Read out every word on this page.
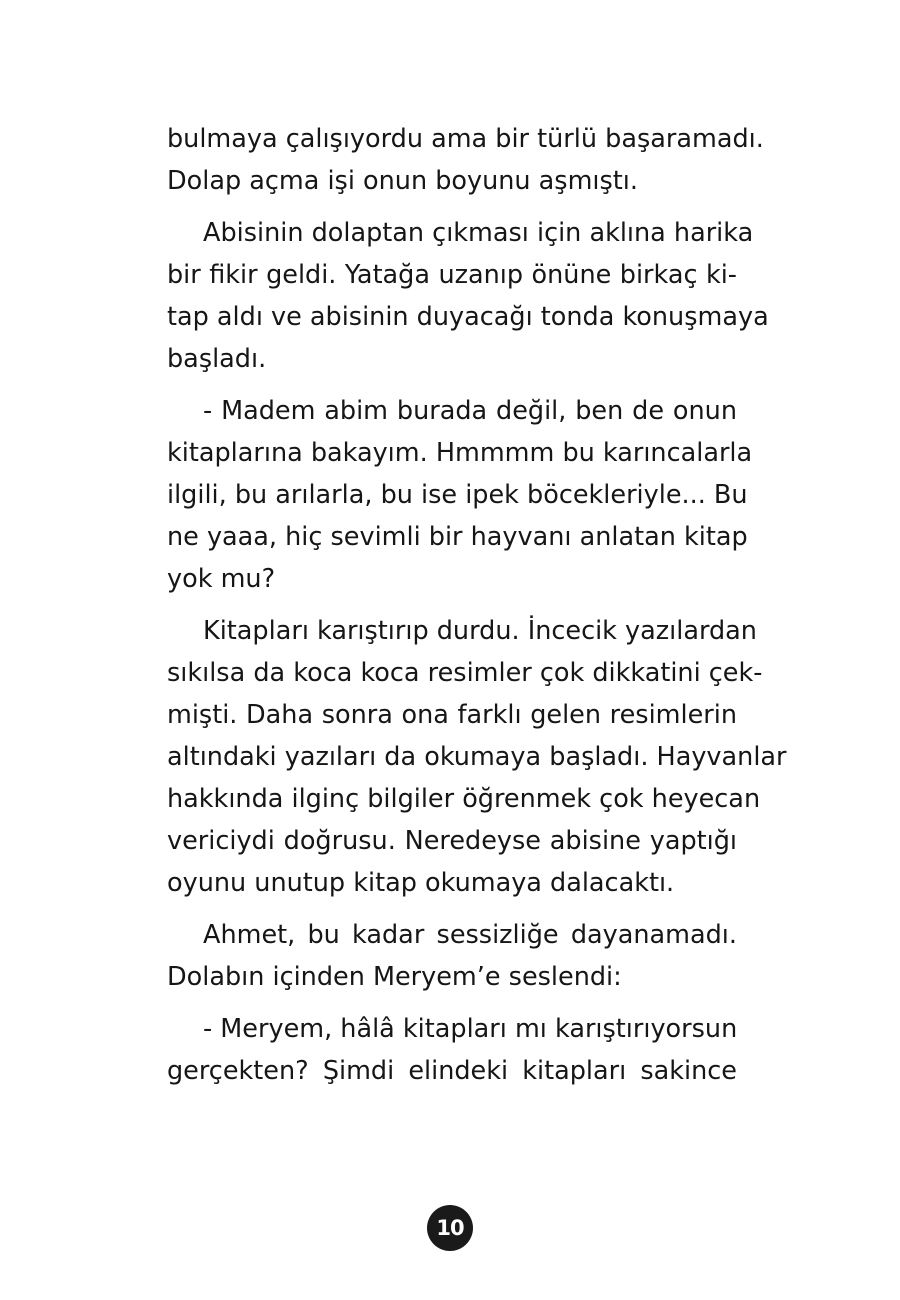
bulmaya çalışıyordu ama bir türlü başaramadı.
Dolap açma işi onun boyunu aşmıştı.
Abisinin dolaptan çıkması için aklına harika
bir fikir geldi. Yatağa uzanıp önüne birkaç ki-
tap aldı ve abisinin duyacağı tonda konuşmaya
başladı.
- Madem abim burada değil, ben de onun
kitaplarına bakayım. Hmmmm bu karıncalarla
ilgili, bu arılarla, bu ise ipek böcekleriyle... Bu
ne yaaa, hiç sevimli bir hayvanı anlatan kitap
yok mu?
Kitapları karıştırıp durdu. İncecik yazılardan
sıkılsa da koca koca resimler çok dikkatini çek-
mişti. Daha sonra ona farklı gelen resimlerin
altındaki yazıları da okumaya başladı. Hayvanlar
hakkında ilginç bilgiler öğrenmek çok heyecan
vericiydi doğrusu. Neredeyse abisine yaptığı
oyunu unutup kitap okumaya dalacaktı.
Ahmet, bu kadar sessizliğe dayanamadı.
Dolabın içinden Meryem’e seslendi:
- Meryem, hâlâ kitapları mı karıştırıyorsun
gerçekten? Şimdi elindeki kitapları sakince
10
